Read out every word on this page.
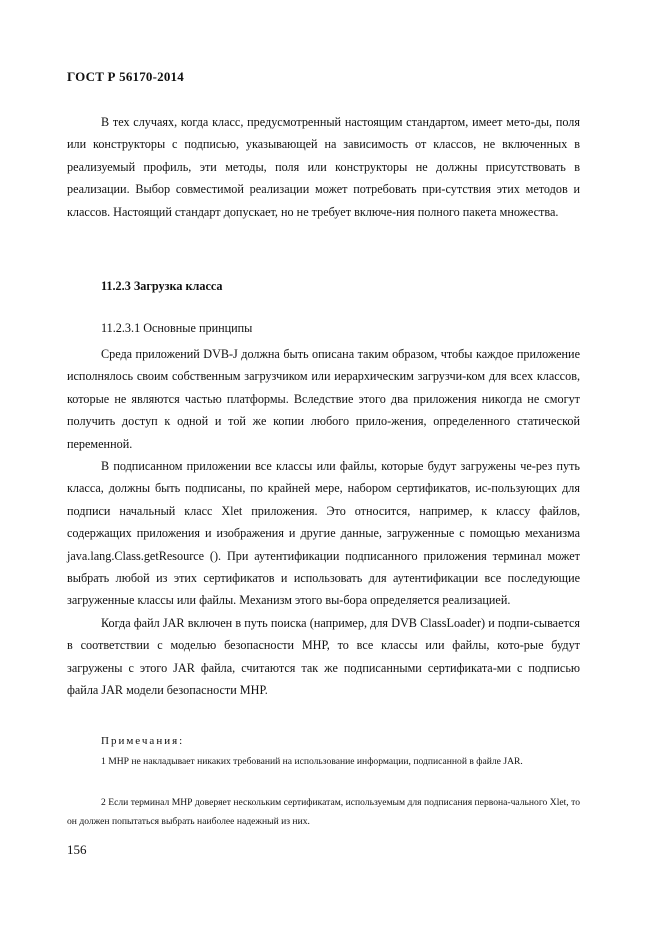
ГОСТ Р 56170-2014

В тех случаях, когда класс, предусмотренный настоящим стандартом, имеет мето-ды, поля или конструкторы с подписью, указывающей на зависимость от классов, не включенных в реализуемый профиль, эти методы, поля или конструкторы не должны присутствовать в реализации. Выбор совместимой реализации может потребовать при-сутствия этих методов и классов. Настоящий стандарт допускает, но не требует включе-ния полного пакета множества.

11.2.3 Загрузка класса
11.2.3.1 Основные принципы

Среда приложений DVB-J должна быть описана таким образом, чтобы каждое приложение исполнялось своим собственным загрузчиком или иерархическим загрузчи-ком для всех классов, которые не являются частью платформы. Вследствие этого два приложения никогда не смогут получить доступ к одной и той же копии любого прило-жения, определенного статической переменной.

В подписанном приложении все классы или файлы, которые будут загружены че-рез путь класса, должны быть подписаны, по крайней мере, набором сертификатов, ис-пользующих для подписи начальный класс Xlet приложения. Это относится, например, к классу файлов, содержащих приложения и изображения и другие данные, загруженные с помощью механизма java.lang.Class.getResource (). При аутентификации подписанного приложения терминал может выбрать любой из этих сертификатов и использовать для аутентификации все последующие загруженные классы или файлы. Механизм этого вы-бора определяется реализацией.

Когда файл JAR включен в путь поиска (например, для DVB ClassLoader) и подпи-сывается в соответствии с моделью безопасности МНР, то все классы или файлы, кото-рые будут загружены с этого JAR файла, считаются так же подписанными сертификата-ми с подписью файла JAR модели безопасности МНР.

Примечания:
1 МНР не накладывает никаких требований на использование информации, подписанной в файле JAR.
2 Если терминал МНР доверяет нескольким сертификатам, используемым для подписания первона-чального Xlet, то он должен попытаться выбрать наиболее надежный из них.
156
